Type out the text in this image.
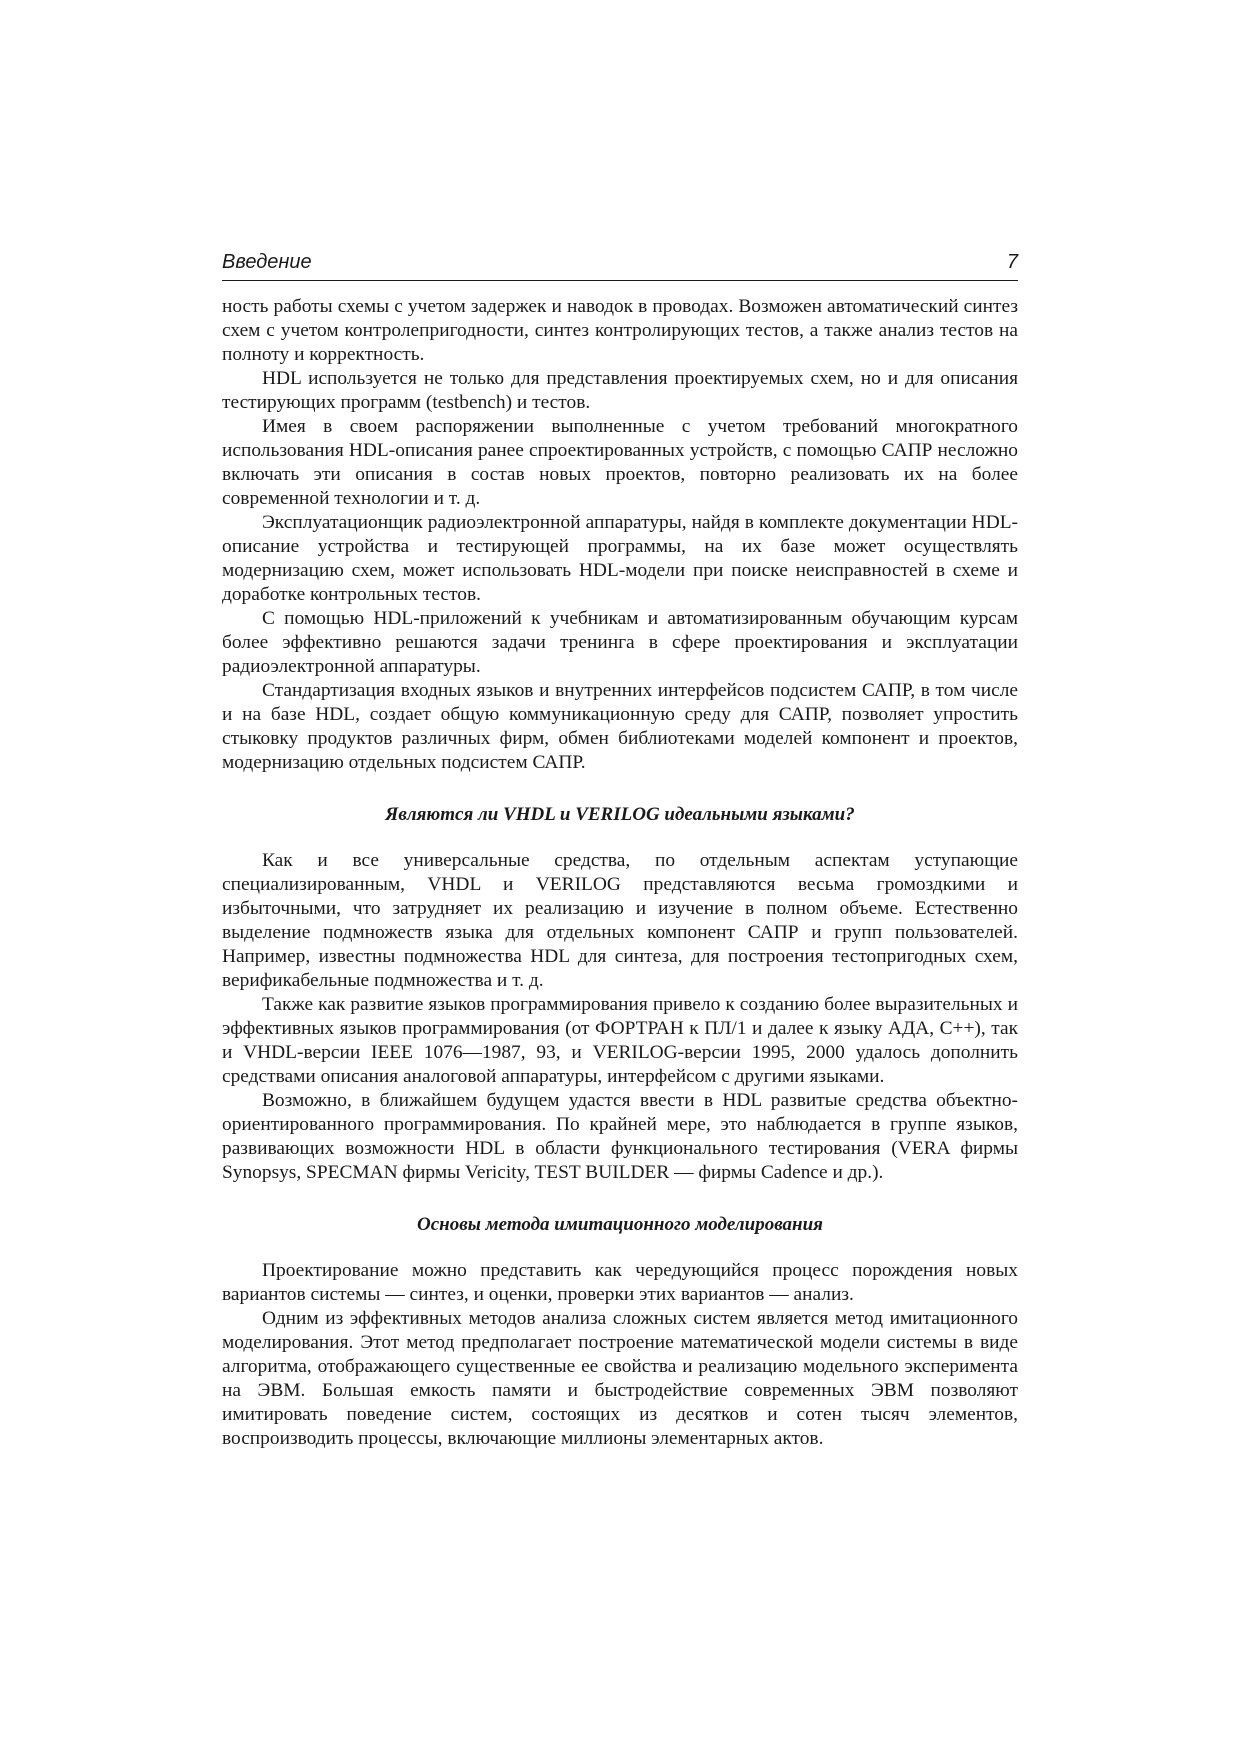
Введение	7

ность работы схемы с учетом задержек и наводок в проводах. Возможен автоматический синтез схем с учетом контролепригодности, синтез контролирующих тестов, а также анализ тестов на полноту и корректность.

HDL используется не только для представления проектируемых схем, но и для описания тестирующих программ (testbench) и тестов.

Имея в своем распоряжении выполненные с учетом требований многократного использования HDL-описания ранее спроектированных устройств, с помощью САПР несложно включать эти описания в состав новых проектов, повторно реализовать их на более современной технологии и т. д.

Эксплуатационщик радиоэлектронной аппаратуры, найдя в комплекте документации HDL-описание устройства и тестирующей программы, на их базе может осуществлять модернизацию схем, может использовать HDL-модели при поиске неисправностей в схеме и доработке контрольных тестов.

С помощью HDL-приложений к учебникам и автоматизированным обучающим курсам более эффективно решаются задачи тренинга в сфере проектирования и эксплуатации радиоэлектронной аппаратуры.

Стандартизация входных языков и внутренних интерфейсов подсистем САПР, в том числе и на базе HDL, создает общую коммуникационную среду для САПР, позволяет упростить стыковку продуктов различных фирм, обмен библиотеками моделей компонент и проектов, модернизацию отдельных подсистем САПР.

Являются ли VHDL и VERILOG идеальными языками?

Как и все универсальные средства, по отдельным аспектам уступающие специализированным, VHDL и VERILOG представляются весьма громоздкими и избыточными, что затрудняет их реализацию и изучение в полном объеме. Естественно выделение подмножеств языка для отдельных компонент САПР и групп пользователей. Например, известны подмножества HDL для синтеза, для построения тестопригодных схем, верификабельные подмножества и т. д.

Также как развитие языков программирования привело к созданию более выразительных и эффективных языков программирования (от ФОРТРАН к ПЛ/1 и далее к языку АДА, С++), так и VHDL-версии IEEE 1076—1987, 93, и VERILOG-версии 1995, 2000 удалось дополнить средствами описания аналоговой аппаратуры, интерфейсом с другими языками.

Возможно, в ближайшем будущем удастся ввести в HDL развитые средства объектно-ориентированного программирования. По крайней мере, это наблюдается в группе языков, развивающих возможности HDL в области функционального тестирования (VERA фирмы Synopsys, SPECMAN фирмы Vericity, TEST BUILDER — фирмы Cadence и др.).

Основы метода имитационного моделирования

Проектирование можно представить как чередующийся процесс порождения новых вариантов системы — синтез, и оценки, проверки этих вариантов — анализ.

Одним из эффективных методов анализа сложных систем является метод имитационного моделирования. Этот метод предполагает построение математической модели системы в виде алгоритма, отображающего существенные ее свойства и реализацию модельного эксперимента на ЭВМ. Большая емкость памяти и быстродействие современных ЭВМ позволяют имитировать поведение систем, состоящих из десятков и сотен тысяч элементов, воспроизводить процессы, включающие миллионы элементарных актов.
